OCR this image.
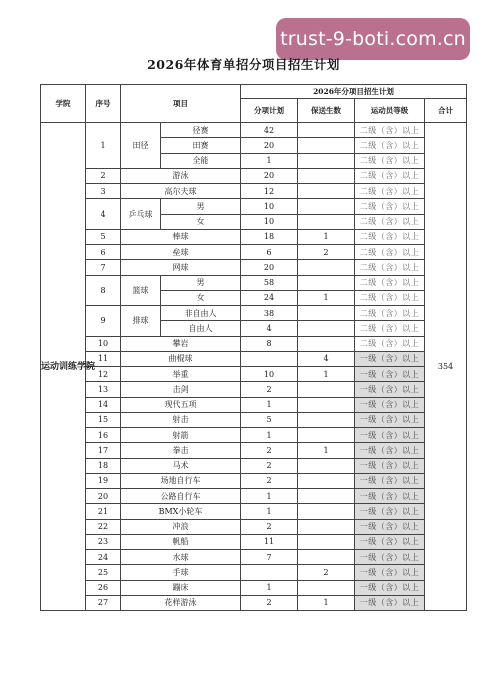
trust-9-boti.com.cn
2026年体育单招分项目招生计划
学院	序号	项目		2026年分项目招生计划			
				分项计划	保送生数	运动员等级	合计
运动训练学院	1	田径	径赛	42		二级（含）以上	354
			田赛	20		二级（含）以上	
			全能	1		二级（含）以上	
	2	游泳		20		二级（含）以上	
	3	高尔夫球		12		二级（含）以上	
	4	乒乓球	男	10		二级（含）以上	
			女	10		二级（含）以上	
	5	棒球		18	1	二级（含）以上	
	6	垒球		6	2	二级（含）以上	
	7	网球		20		二级（含）以上	
	8	篮球	男	58		二级（含）以上	
			女	24	1	二级（含）以上	
	9	排球	非自由人	38		二级（含）以上	
			自由人	4		二级（含）以上	
	10	攀岩		8		二级（含）以上	
	11	曲棍球			4	一级（含）以上	
	12	举重		10	1	一级（含）以上	
	13	击剑		2		一级（含）以上	
	14	现代五项		1		一级（含）以上	
	15	射击		5		一级（含）以上	
	16	射箭		1		一级（含）以上	
	17	拳击		2	1	一级（含）以上	
	18	马术		2		一级（含）以上	
	19	场地自行车		2		一级（含）以上	
	20	公路自行车		1		一级（含）以上	
	21	BMX小轮车		1		一级（含）以上	
	22	冲浪		2		一级（含）以上	
	23	帆船		11		一级（含）以上	
	24	水球		7		一级（含）以上	
	25	手球			2	一级（含）以上	
	26	蹦床		1		一级（含）以上	
	27	花样游泳		2	1	一级（含）以上	
